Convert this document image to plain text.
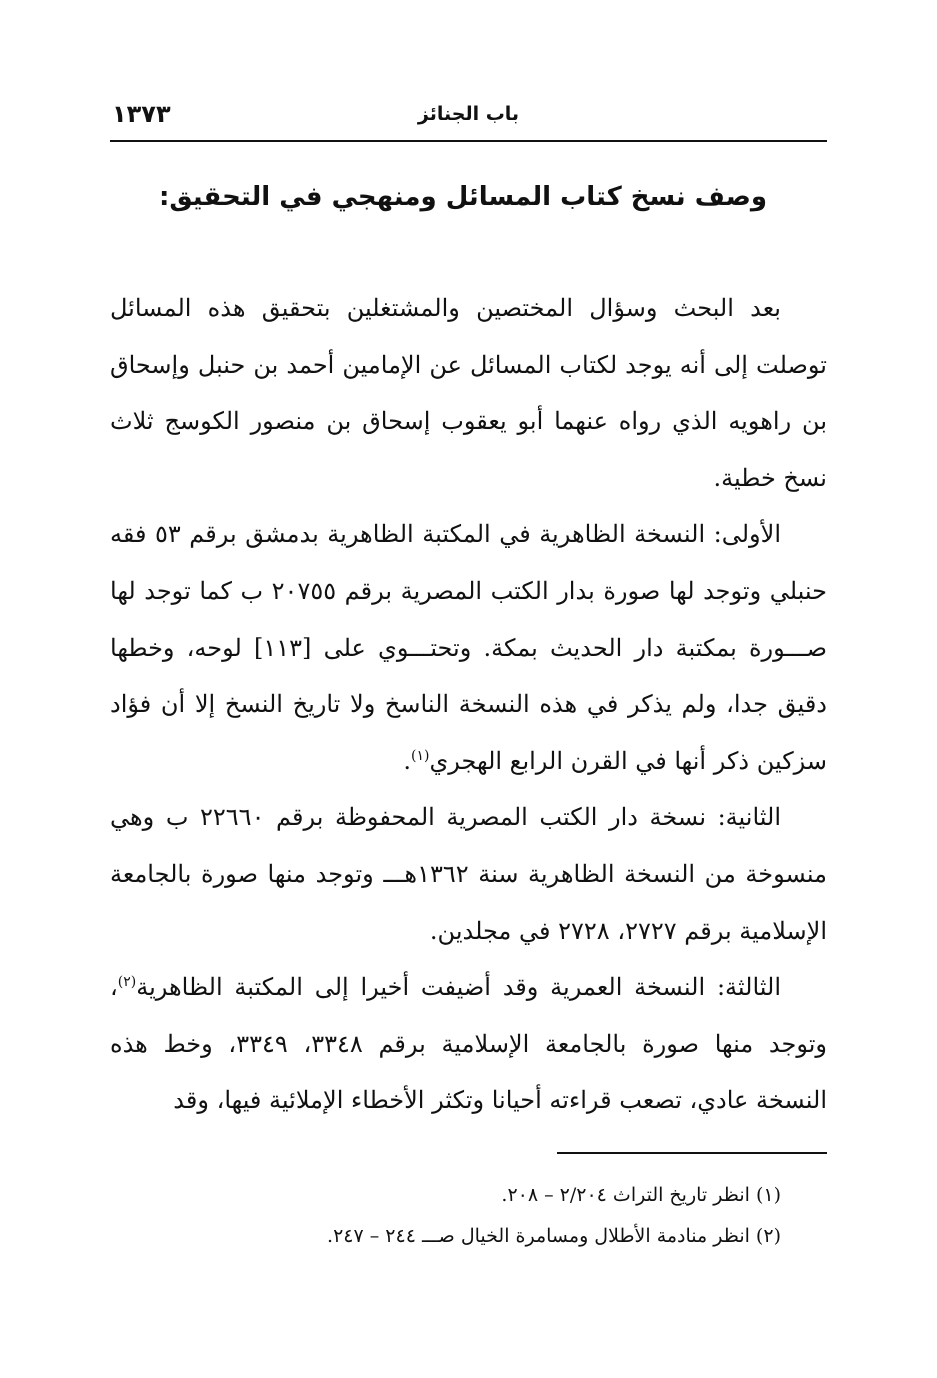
باب الجنائز
١٣٧٣
وصف نسخ كتاب المسائل ومنهجي في التحقيق:

بعد البحث وسؤال المختصين والمشتغلين بتحقيق هذه المسائل توصلت إلى أنه يوجد لكتاب المسائل عن الإمامين أحمد بن حنبل وإسحاق بن راهويه الذي رواه عنهما أبو يعقوب إسحاق بن منصور الكوسج ثلاث نسخ خطية.

الأولى: النسخة الظاهرية في المكتبة الظاهرية بدمشق برقم ٥٣ فقه حنبلي وتوجد لها صورة بدار الكتب المصرية برقم ٢٠٧٥٥ ب كما توجد لها صـــورة بمكتبة دار الحديث بمكة. وتحتـــوي على [١١٣] لوحه، وخطها دقيق جدا، ولم يذكر في هذه النسخة الناسخ ولا تاريخ النسخ إلا أن فؤاد سزكين ذكر أنها في القرن الرابع الهجري$^{(١)}$.

الثانية: نسخة دار الكتب المصرية المحفوظة برقم ٢٢٦٦٠ ب وهي منسوخة من النسخة الظاهرية سنة ١٣٦٢هـــ وتوجد منها صورة بالجامعة الإسلامية برقم ٢٧٢٧، ٢٧٢٨ في مجلدين.

الثالثة: النسخة العمرية وقد أضيفت أخيرا إلى المكتبة الظاهرية$^{(٢)}$، وتوجد منها صورة بالجامعة الإسلامية برقم ٣٣٤٨، ٣٣٤٩، وخط هذه النسخة عادي، تصعب قراءته أحيانا وتكثر الأخطاء الإملائية فيها، وقد

(١) انظر تاريخ التراث ٢/٢٠٤ – ٢٠٨.
(٢) انظر منادمة الأطلال ومسامرة الخيال صـــ ٢٤٤ – ٢٤٧.
